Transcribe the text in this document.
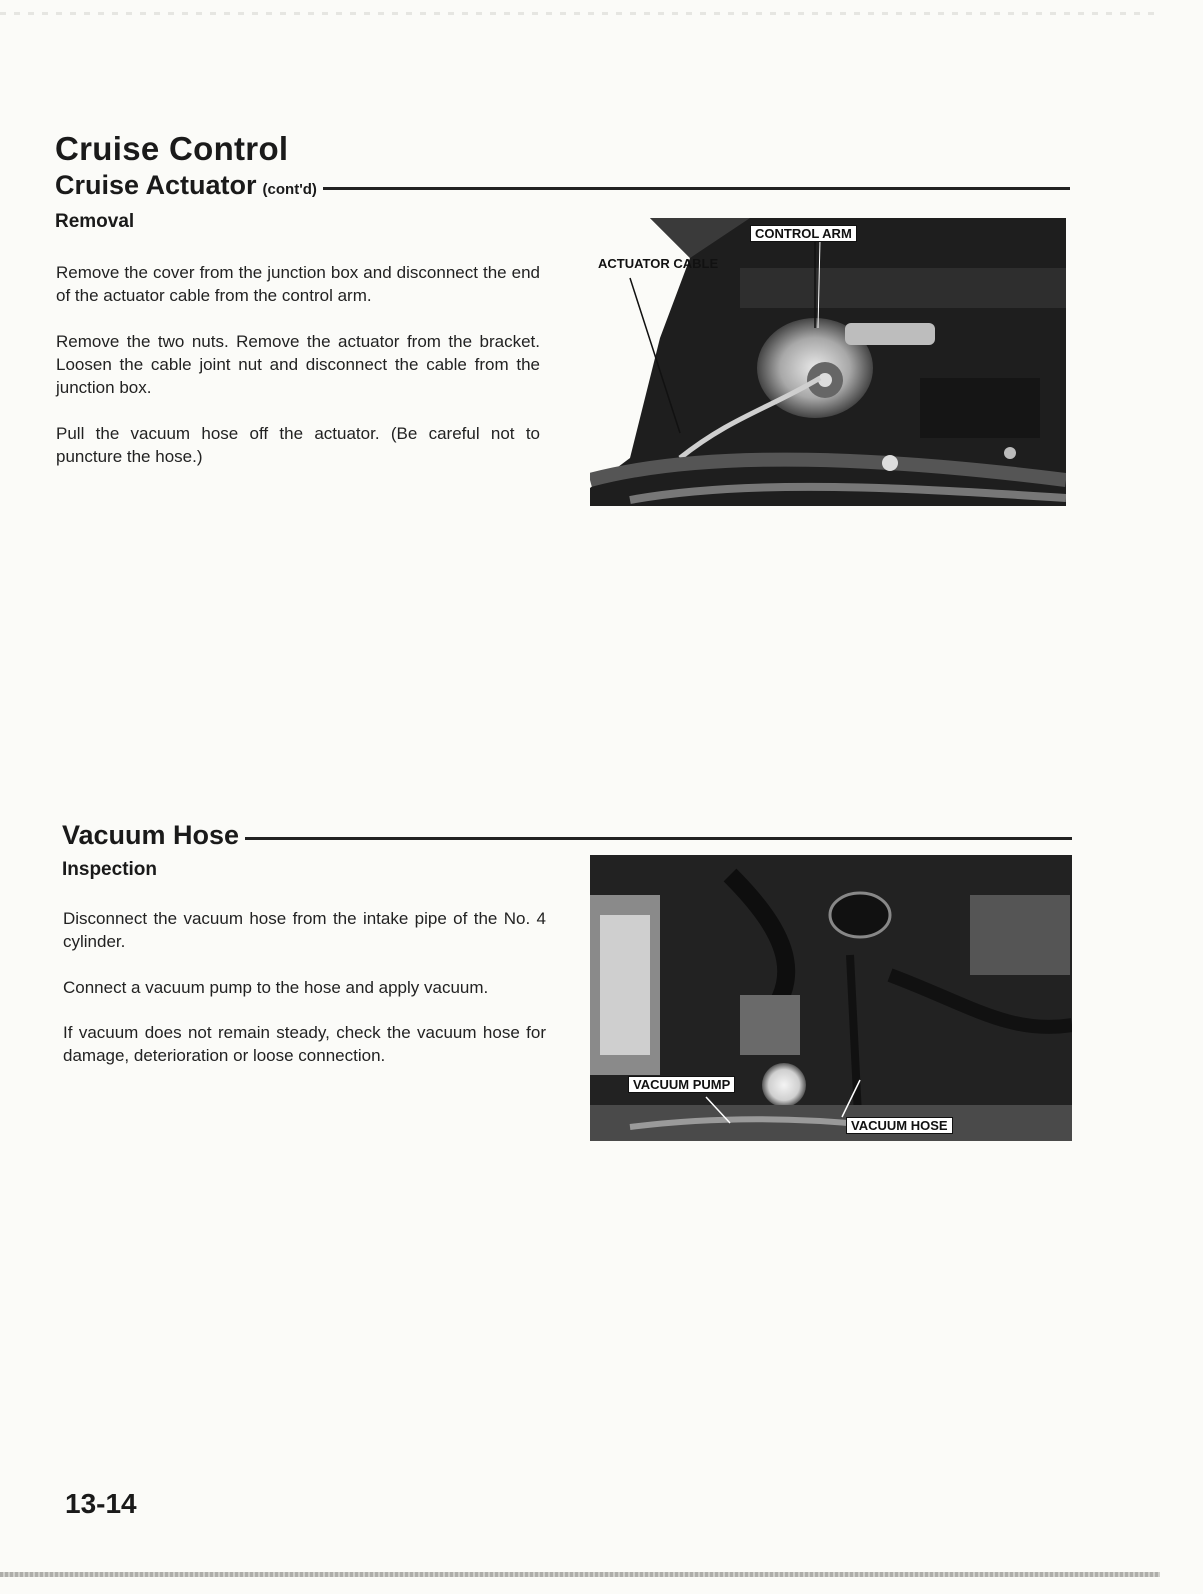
Cruise Control
Cruise Actuator (cont'd)
Removal

Remove the cover from the junction box and disconnect the end of the actuator cable from the control arm.

Remove the two nuts. Remove the actuator from the bracket. Loosen the cable joint nut and disconnect the cable from the junction box.

Pull the vacuum hose off the actuator. (Be careful not to puncture the hose.)

CONTROL ARM
ACTUATOR CABLE
Vacuum Hose
Inspection

Disconnect the vacuum hose from the intake pipe of the No. 4 cylinder.

Connect a vacuum pump to the hose and apply vacuum.

If vacuum does not remain steady, check the vacuum hose for damage, deterioration or loose connection.

VACUUM PUMP
VACUUM HOSE
13-14
